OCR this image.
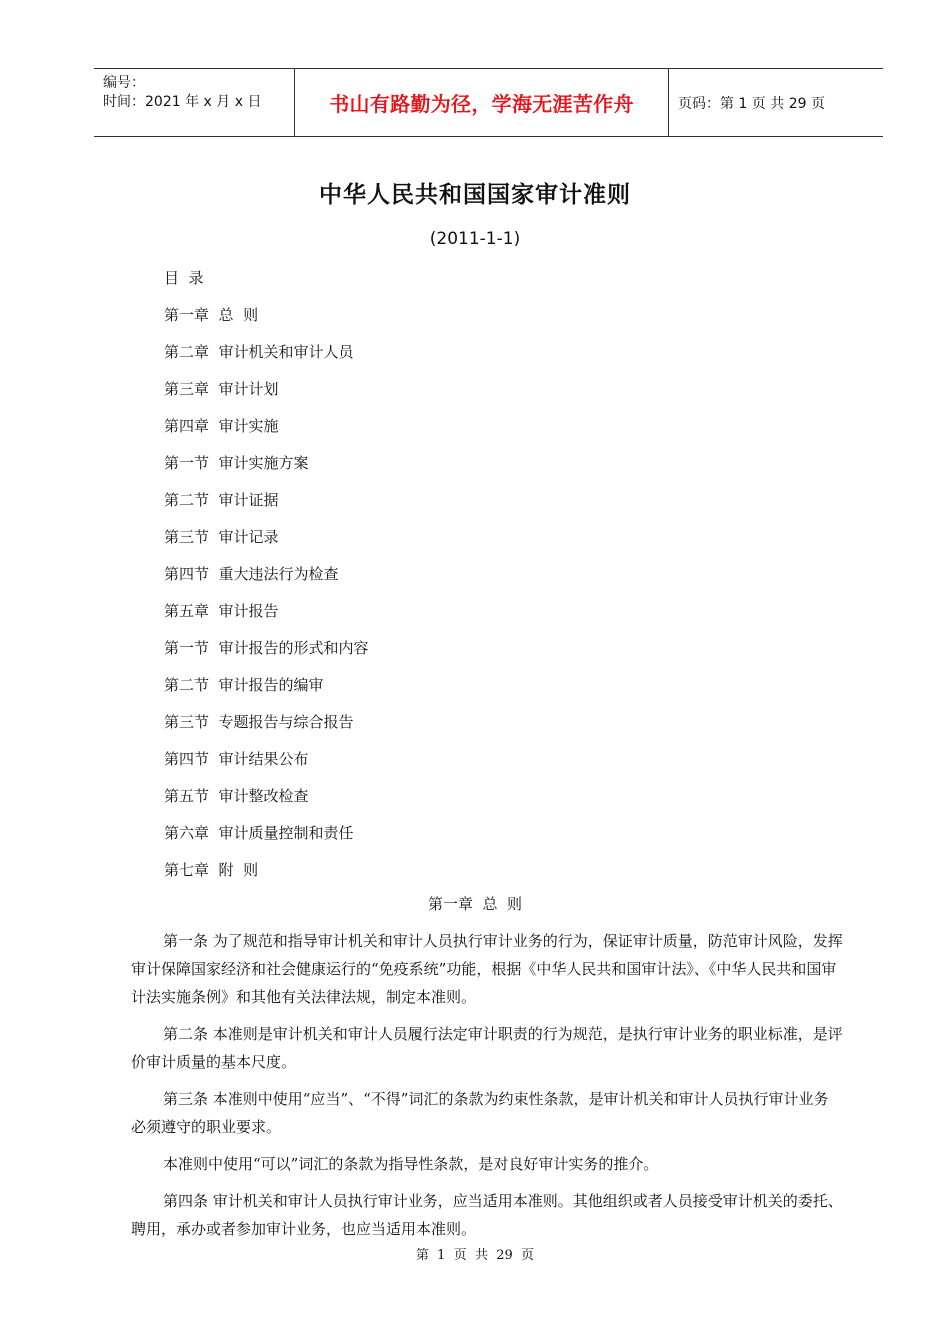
编号：
时间：2021 年 x 月 x 日	书山有路勤为径，学海无涯苦作舟	页码：第 1 页 共 29 页
中华人民共和国国家审计准则
(2011-1-1)
目  录
第一章  总  则
第二章  审计机关和审计人员
第三章  审计计划
第四章  审计实施
第一节  审计实施方案
第二节  审计证据
第三节  审计记录
第四节  重大违法行为检查
第五章  审计报告
第一节  审计报告的形式和内容
第二节  审计报告的编审
第三节  专题报告与综合报告
第四节  审计结果公布
第五节  审计整改检查
第六章  审计质量控制和责任
第七章  附  则
第一章  总  则

第一条 为了规范和指导审计机关和审计人员执行审计业务的行为，保证审计质量，防范审计风险，发挥审计保障国家经济和社会健康运行的“免疫系统”功能，根据《中华人民共和国审计法》、《中华人民共和国审计法实施条例》和其他有关法律法规，制定本准则。

第二条 本准则是审计机关和审计人员履行法定审计职责的行为规范，是执行审计业务的职业标准，是评价审计质量的基本尺度。

第三条 本准则中使用“应当”、“不得”词汇的条款为约束性条款，是审计机关和审计人员执行审计业务必须遵守的职业要求。

本准则中使用“可以”词汇的条款为指导性条款，是对良好审计实务的推介。

第四条 审计机关和审计人员执行审计业务，应当适用本准则。其他组织或者人员接受审计机关的委托、聘用，承办或者参加审计业务，也应当适用本准则。

第  1  页  共  29  页
